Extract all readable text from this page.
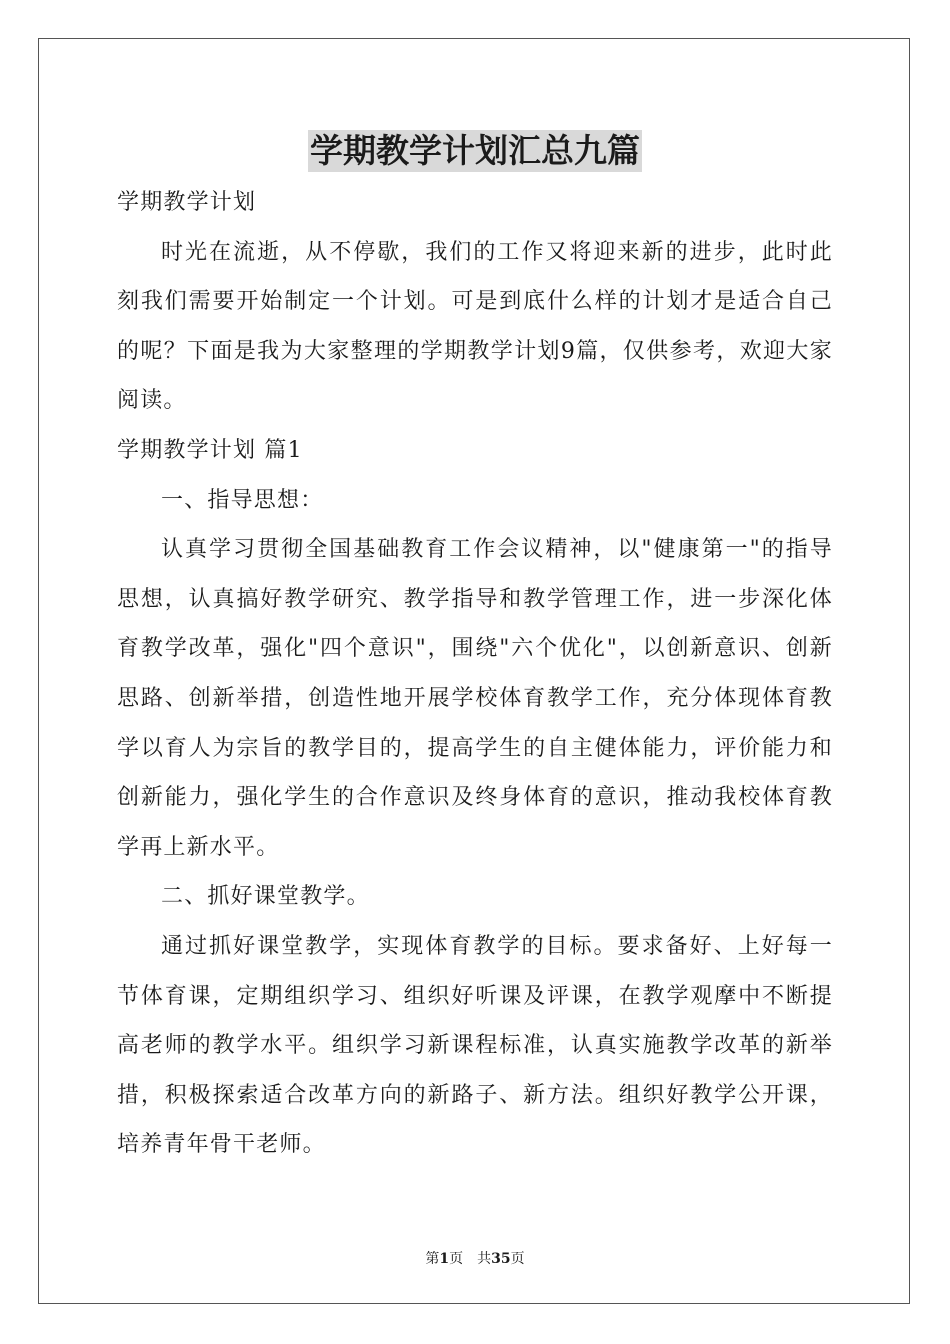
学期教学计划汇总九篇

学期教学计划

时光在流逝，从不停歇，我们的工作又将迎来新的进步，此时此刻我们需要开始制定一个计划。可是到底什么样的计划才是适合自己的呢？下面是我为大家整理的学期教学计划9篇，仅供参考，欢迎大家阅读。

学期教学计划 篇1

一、指导思想：

认真学习贯彻全国基础教育工作会议精神，以"健康第一"的指导思想，认真搞好教学研究、教学指导和教学管理工作，进一步深化体育教学改革，强化"四个意识"，围绕"六个优化"，以创新意识、创新思路、创新举措，创造性地开展学校体育教学工作，充分体现体育教学以育人为宗旨的教学目的，提高学生的自主健体能力，评价能力和创新能力，强化学生的合作意识及终身体育的意识，推动我校体育教学再上新水平。

二、抓好课堂教学。

通过抓好课堂教学，实现体育教学的目标。要求备好、上好每一节体育课，定期组织学习、组织好听课及评课，在教学观摩中不断提高老师的教学水平。组织学习新课程标准，认真实施教学改革的新举措，积极探索适合改革方向的新路子、新方法。组织好教学公开课，培养青年骨干老师。

第1页 共35页
